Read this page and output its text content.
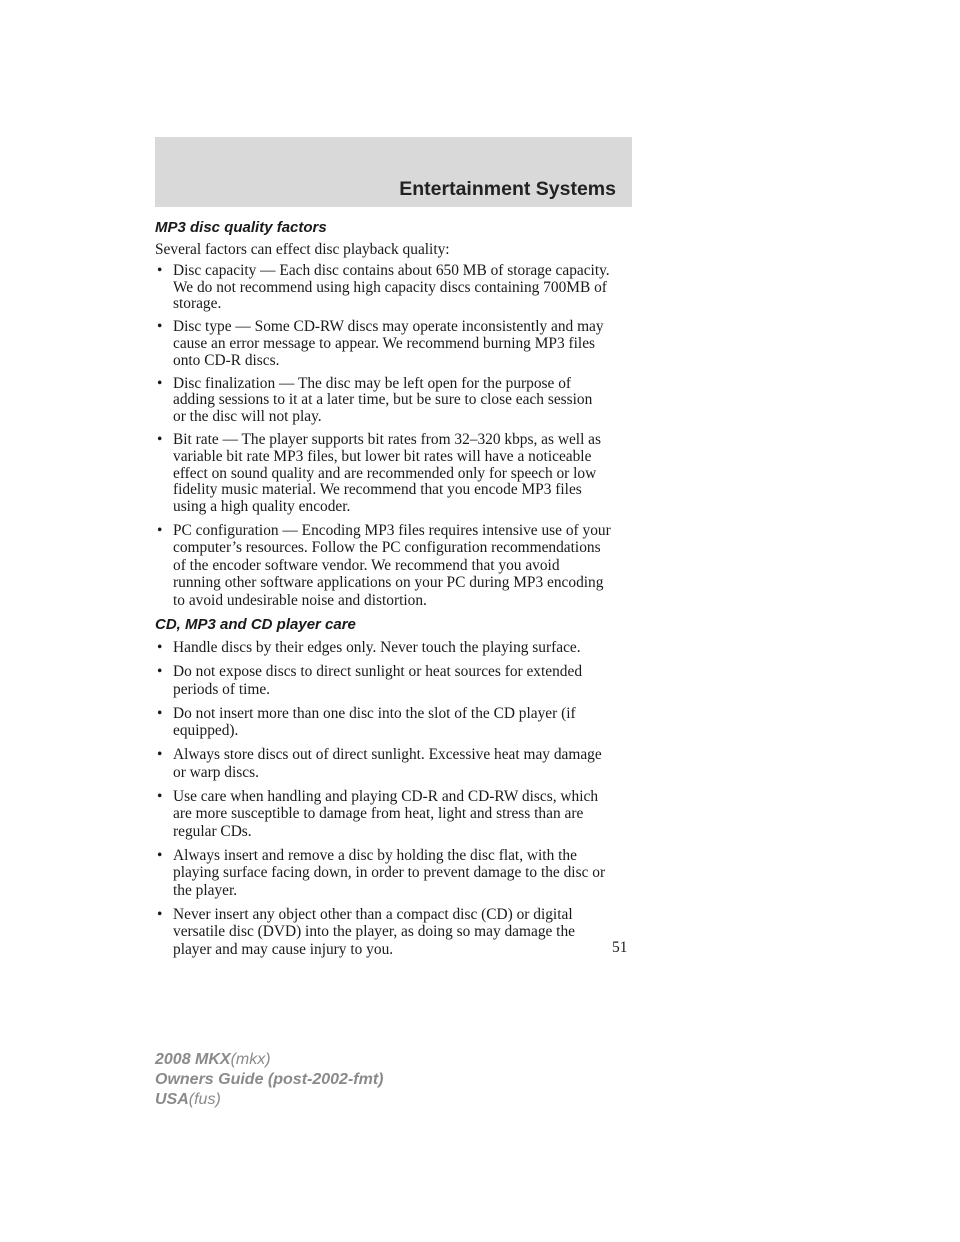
Entertainment Systems
MP3 disc quality factors

Several factors can effect disc playback quality:

• Disc capacity — Each disc contains about 650 MB of storage capacity.
We do not recommend using high capacity discs containing 700MB of
storage.
• Disc type — Some CD-RW discs may operate inconsistently and may
cause an error message to appear. We recommend burning MP3 files
onto CD-R discs.
• Disc finalization — The disc may be left open for the purpose of
adding sessions to it at a later time, but be sure to close each session
or the disc will not play.
• Bit rate — The player supports bit rates from 32–320 kbps, as well as
variable bit rate MP3 files, but lower bit rates will have a noticeable
effect on sound quality and are recommended only for speech or low
fidelity music material. We recommend that you encode MP3 files
using a high quality encoder.
• PC configuration — Encoding MP3 files requires intensive use of your
computer’s resources. Follow the PC configuration recommendations
of the encoder software vendor. We recommend that you avoid
running other software applications on your PC during MP3 encoding
to avoid undesirable noise and distortion.
CD, MP3 and CD player care
• Handle discs by their edges only. Never touch the playing surface.
• Do not expose discs to direct sunlight or heat sources for extended
periods of time.
• Do not insert more than one disc into the slot of the CD player (if
equipped).
• Always store discs out of direct sunlight. Excessive heat may damage
or warp discs.
• Use care when handling and playing CD-R and CD-RW discs, which
are more susceptible to damage from heat, light and stress than are
regular CDs.
• Always insert and remove a disc by holding the disc flat, with the
playing surface facing down, in order to prevent damage to the disc or
the player.
• Never insert any object other than a compact disc (CD) or digital
versatile disc (DVD) into the player, as doing so may damage the
player and may cause injury to you.	51
2008 MKX(mkx)
Owners Guide (post-2002-fmt)
USA(fus)
